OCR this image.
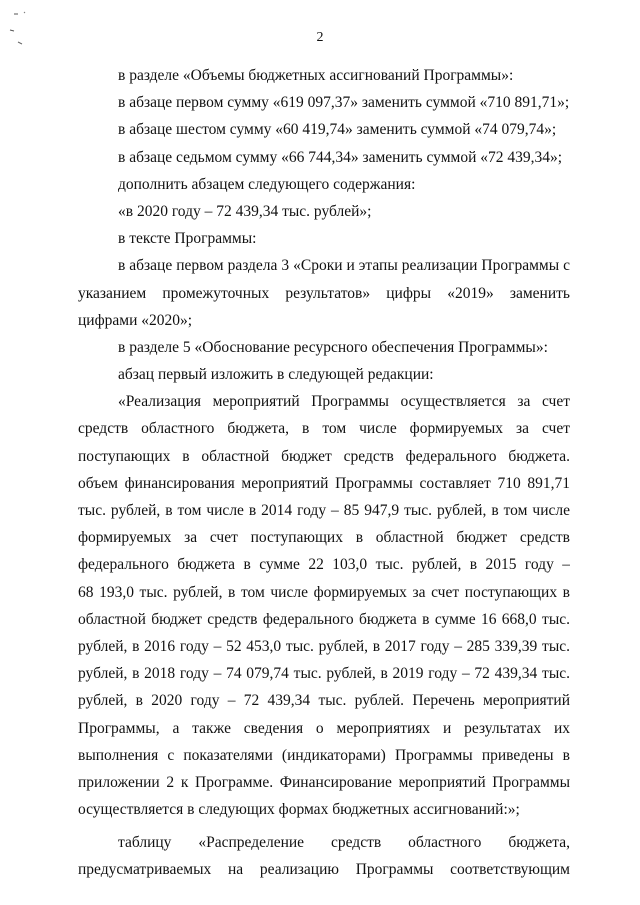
2
в разделе «Объемы бюджетных ассигнований Программы»:
в абзаце первом сумму «619 097,37» заменить суммой «710 891,71»;
в абзаце шестом сумму «60 419,74» заменить суммой «74 079,74»;
в абзаце седьмом сумму «66 744,34» заменить суммой «72 439,34»;
дополнить абзацем следующего содержания:
«в 2020 году – 72 439,34 тыс. рублей»;
в тексте Программы:
в абзаце первом раздела 3 «Сроки и этапы реализации Программы с
указанием промежуточных результатов» цифры «2019» заменить
цифрами «2020»;
в разделе 5 «Обоснование ресурсного обеспечения Программы»:
абзац первый изложить в следующей редакции:
«Реализация мероприятий Программы осуществляется за счет
средств областного бюджета, в том числе формируемых за счет
поступающих в областной бюджет средств федерального бюджета.
объем финансирования мероприятий Программы составляет 710 891,71
тыс. рублей, в том числе в 2014 году – 85 947,9 тыс. рублей, в том числе
формируемых за счет поступающих в областной бюджет средств
федерального бюджета в сумме 22 103,0 тыс. рублей, в 2015 году –
68 193,0 тыс. рублей, в том числе формируемых за счет поступающих в
областной бюджет средств федерального бюджета в сумме 16 668,0 тыс.
рублей, в 2016 году – 52 453,0 тыс. рублей, в 2017 году – 285 339,39 тыс.
рублей, в 2018 году – 74 079,74 тыс. рублей, в 2019 году – 72 439,34 тыс.
рублей, в 2020 году – 72 439,34 тыс. рублей. Перечень мероприятий
Программы, а также сведения о мероприятиях и результатах их
выполнения с показателями (индикаторами) Программы приведены в
приложении 2 к Программе. Финансирование мероприятий Программы
осуществляется в следующих формах бюджетных ассигнований:»;
таблицу «Распределение средств областного бюджета,
предусматриваемых на реализацию Программы соответствующим
